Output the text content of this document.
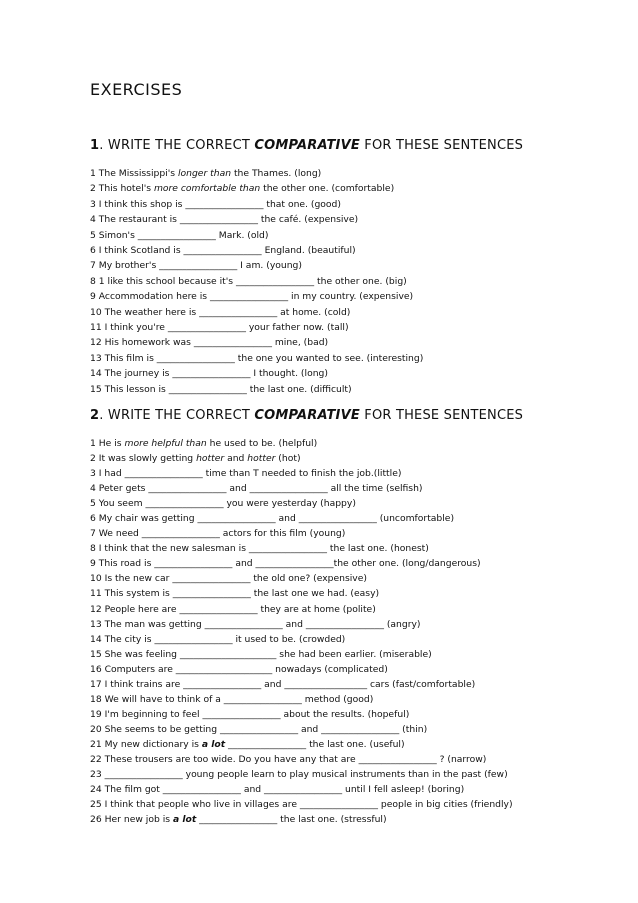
EXERCISES
1. WRITE THE CORRECT COMPARATIVE FOR THESE SENTENCES
1 The Mississippi's longer than the Thames. (long)
2 This hotel's more comfortable than the other one. (comfortable)
3 I think this shop is _________________ that one. (good)
4 The restaurant is _________________ the café. (expensive)
5 Simon's _________________ Mark. (old)
6 I think Scotland is _________________ England. (beautiful)
7 My brother's _________________ I am. (young)
8 1 like this school because it's _________________ the other one. (big)
9 Accommodation here is _________________ in my country. (expensive)
10 The weather here is _________________ at home. (cold)
11 I think you're _________________ your father now. (tall)
12 His homework was _________________ mine, (bad)
13 This film is _________________ the one you wanted to see. (interesting)
14 The journey is _________________ I thought. (long)
15 This lesson is _________________ the last one. (difficult)
2. WRITE THE CORRECT COMPARATIVE FOR THESE SENTENCES
1 He is more helpful than he used to be. (helpful)
2 It was slowly getting hotter and hotter (hot)
3 I had _________________ time than T needed to finish the job.(little)
4 Peter gets _________________ and _________________ all the time (selfish)
5 You seem _________________ you were yesterday (happy)
6 My chair was getting _________________ and _________________ (uncomfortable)
7 We need _________________ actors for this film (young)
8 I think that the new salesman is _________________ the last one. (honest)
9 This road is _________________ and _________________the other one. (long/dangerous)
10 Is the new car _________________ the old one? (expensive)
11 This system is _________________ the last one we had. (easy)
12 People here are _________________ they are at home (polite)
13 The man was getting _________________ and _________________ (angry)
14 The city is _________________ it used to be. (crowded)
15 She was feeling _____________________ she had been earlier. (miserable)
16 Computers are _____________________ nowadays (complicated)
17 I think trains are _________________ and __________________ cars (fast/comfortable)
18 We will have to think of a _________________ method (good)
19 I'm beginning to feel _________________ about the results. (hopeful)
20 She seems to be getting _________________ and _________________ (thin)
21 My new dictionary is a lot _________________ the last one. (useful)
22 These trousers are too wide. Do you have any that are _________________ ? (narrow)
23 _________________ young people learn to play musical instruments than in the past (few)
24 The film got _________________ and _________________ until I fell asleep! (boring)
25 I think that people who live in villages are _________________ people in big cities (friendly)
26 Her new job is a lot _________________ the last one. (stressful)
